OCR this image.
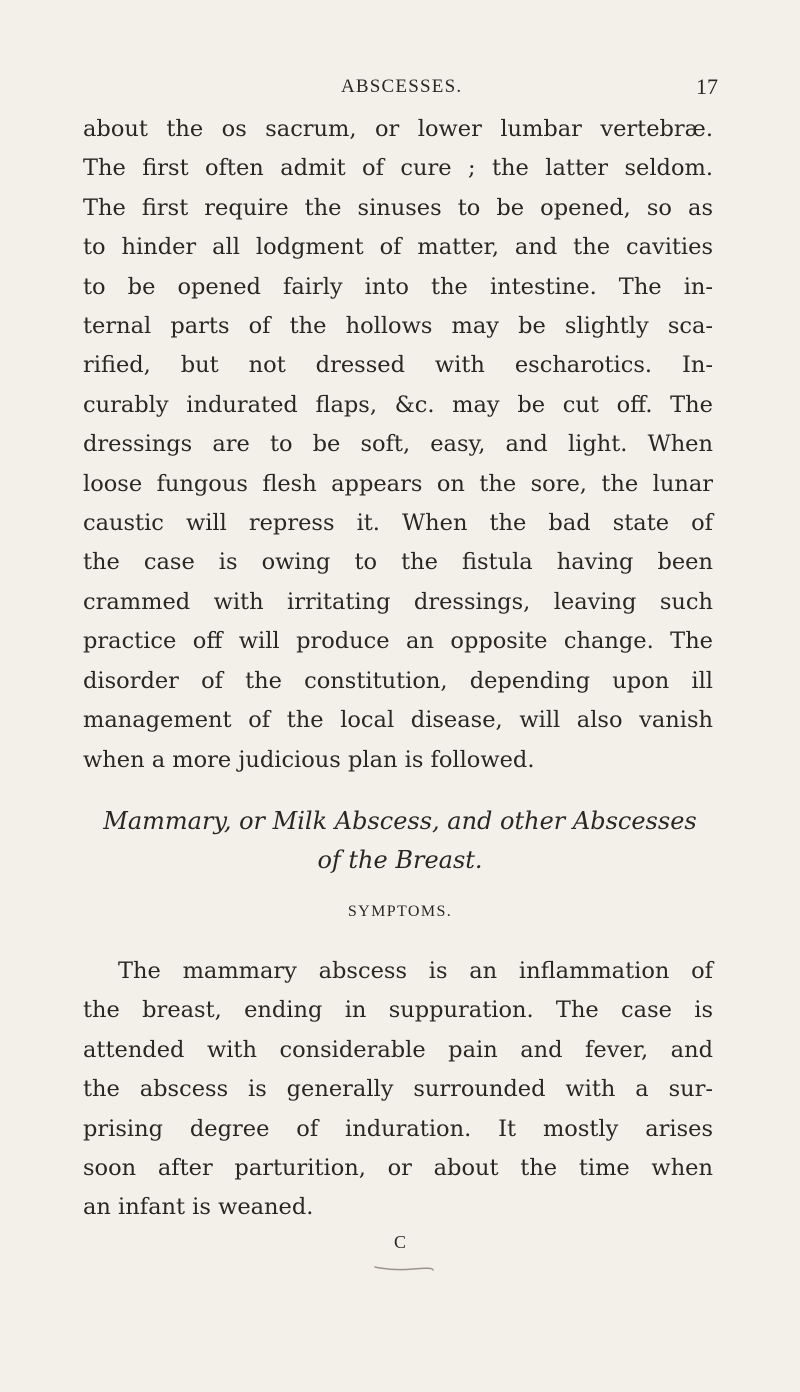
ABSCESSES.	17
about the os sacrum, or lower lumbar vertebræ.
The first often admit of cure ; the latter seldom.
The first require the sinuses to be opened, so as
to hinder all lodgment of matter, and the cavities
to be opened fairly into the intestine. The in-
ternal parts of the hollows may be slightly sca-
rified, but not dressed with escharotics. In-
curably indurated flaps, &c. may be cut off. The
dressings are to be soft, easy, and light. When
loose fungous flesh appears on the sore, the lunar
caustic will repress it. When the bad state of
the case is owing to the fistula having been
crammed with irritating dressings, leaving such
practice off will produce an opposite change. The
disorder of the constitution, depending upon ill
management of the local disease, will also vanish
when a more judicious plan is followed.
Mammary, or Milk Abscess, and other Abscesses
of the Breast.
SYMPTOMS.
The mammary abscess is an inflammation of
the breast, ending in suppuration. The case is
attended with considerable pain and fever, and
the abscess is generally surrounded with a sur-
prising degree of induration. It mostly arises
soon after parturition, or about the time when
an infant is weaned.
C
